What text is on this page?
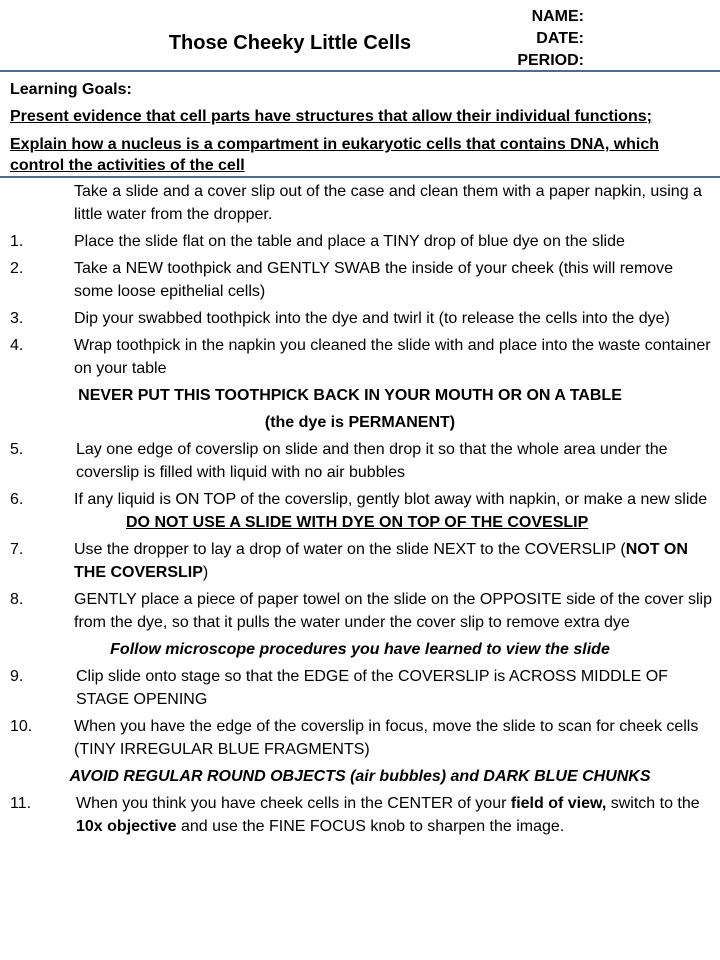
Those Cheeky Little Cells
NAME:
DATE:
PERIOD:
Learning Goals:
Present evidence that cell parts have structures that allow their individual functions;
Explain how a nucleus is a compartment in eukaryotic cells that contains DNA, which control the activities of the cell
Take a slide and a cover slip out of the case and clean them with a paper napkin, using a little water from the dropper.
1.	Place the slide flat on the table and place a TINY drop of blue dye on the slide
2.	Take a NEW toothpick and GENTLY SWAB the inside of your cheek (this will remove some loose epithelial cells)
3.	Dip your swabbed toothpick into the dye and twirl it (to release the cells into the dye)
4.	Wrap toothpick in the napkin you cleaned the slide with and place into the waste container on your table
NEVER PUT THIS TOOTHPICK BACK IN YOUR MOUTH OR ON A TABLE
(the dye is PERMANENT)
5.	Lay one edge of coverslip on slide and then drop it so that the whole area under the coverslip is filled with liquid with no air bubbles
6.	If any liquid is ON TOP of the coverslip, gently blot away with napkin, or make a new slideDO NOT USE A SLIDE WITH DYE ON TOP OF THE COVESLIP
7.	Use the dropper to lay a drop of water on the slide NEXT to the COVERSLIP (NOT ON THE COVERSLIP)
8.	GENTLY place a piece of paper towel on the slide on the OPPOSITE side of the cover slip from the dye, so that it pulls the water under the cover slip to remove extra dye
Follow microscope procedures you have learned to view the slide
9.	Clip slide onto stage so that the EDGE of the COVERSLIP is ACROSS MIDDLE OF STAGE OPENING
10.	When you have the edge of the coverslip in focus, move the slide to scan for cheek cells (TINY IRREGULAR BLUE FRAGMENTS)
AVOID REGULAR ROUND OBJECTS (air bubbles) and DARK BLUE CHUNKS
11.	When you think you have cheek cells in the CENTER of your field of view, switch to the 10x objective and use the FINE FOCUS knob to sharpen the image.
